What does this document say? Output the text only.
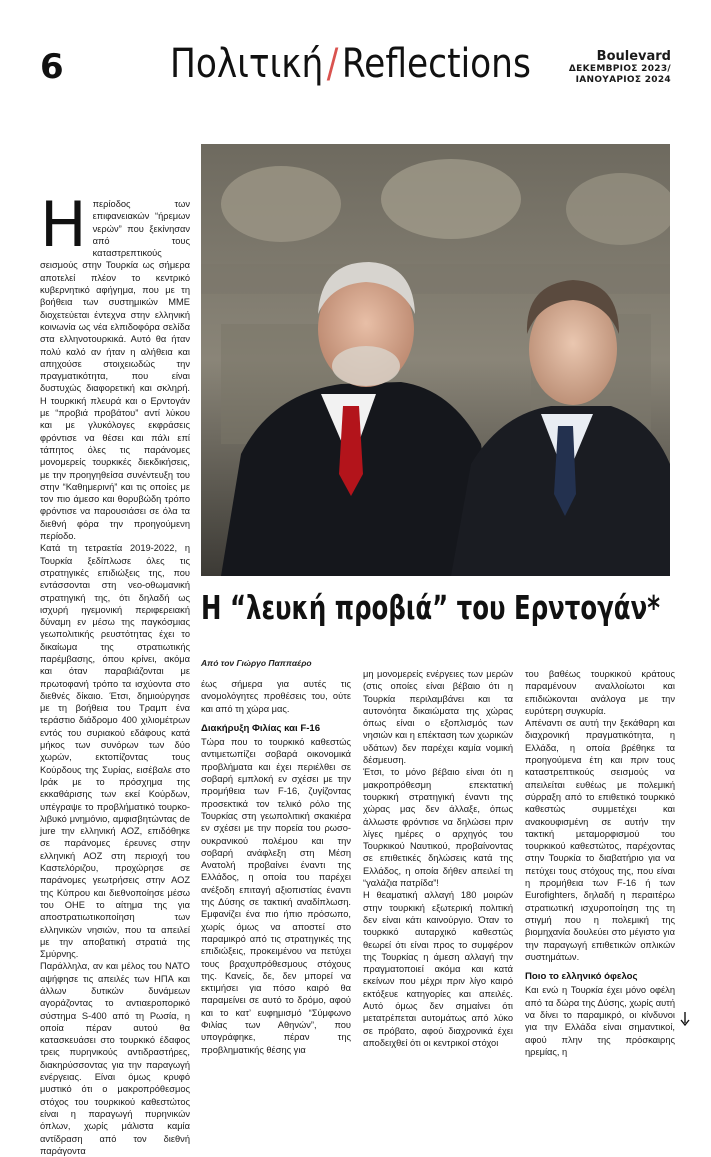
6	Πολιτική/Reflections	Boulevard
ΔΕΚΕΜΒΡΙΟΣ 2023/
ΙΑΝΟΥΑΡΙΟΣ 2024
Η “λευκή προβιά” του Ερντογάν*
Από τον Γιώργο Παππαέρο

Ηπερίοδος των επιφανειακών “ήρεμων νερών” που ξεκίνησαν από τους καταστρεπτικούς σεισμούς στην Τουρκία ως σήμερα αποτελεί πλέον το κεντρικό κυβερνητικό αφήγημα, που με τη βοήθεια των συστημικών ΜΜΕ διοχετεύεται έντεχνα στην ελληνική κοινωνία ως νέα ελπιδοφόρα σελίδα στα ελληνοτουρκικά. Αυτό θα ήταν πολύ καλό αν ήταν η αλήθεια και απηχούσε στοιχειωδώς την πραγματικότητα, που είναι δυστυχώς διαφορετική και σκληρή. Η τουρκική πλευρά και ο Ερντογάν με “προβιά προβάτου” αντί λύκου και με γλυκόλογες εκφράσεις φρόντισε να θέσει και πάλι επί τάπητος όλες τις παράνομες μονομερείς τουρκικές διεκδικήσεις, με την προηγηθείσα συνέντευξη του στην “Καθημερινή” και τις οποίες με τον πιο άμεσο και θορυβώδη τρόπο φρόντισε να παρουσιάσει σε όλα τα διεθνή φόρα την προηγούμενη περίοδο.

Κατά τη τετραετία 2019-2022, η Τουρκία ξεδίπλωσε όλες τις στρατηγικές επιδιώξεις της, που εντάσσονται στη νεο-οθωμανική στρατηγική της, ότι δηλαδή ως ισχυρή ηγεμονική περιφερειακή δύναμη εν μέσω της παγκόσμιας γεωπολιτικής ρευστότητας έχει το δικαίωμα της στρατιωτικής παρέμβασης, όπου κρίνει, ακόμα και όταν παραβιάζονται με πρωτοφανή τρόπο τα ισχύοντα στο διεθνές δίκαιο. Έτσι, δημιούργησε με τη βοήθεια του Τραμπ ένα τεράστιο διάδρομο 400 χιλιομέτρων εντός του συριακού εδάφους κατά μήκος των συνόρων των δύο χωρών, εκτοπίζοντας τους Κούρδους της Συρίας, εισέβαλε στο Ιράκ με το πρόσχημα της εκκαθάρισης των εκεί Κούρδων, υπέγραψε το προβλήματικό τουρκο-λιβυκό μνημόνιο, αμφισβητώντας de jure την ελληνική ΑΟΖ, επιδόθηκε σε παράνομες έρευνες στην ελληνική ΑΟΖ στη περιοχή του Καστελόριζου, προχώρησε σε παράνομες γεωτρήσεις στην ΑΟΖ της Κύπρου και διεθνοποίησε μέσω του ΟΗΕ το αίτημα της για αποστρατιωτικοποίηση των ελληνικών νησιών, που τα απειλεί με την αποβατική στρατιά της Σμύρνης.

Παράλληλα, αν και μέλος του ΝΑΤΟ αψήφησε τις απειλές των ΗΠΑ και άλλων δυτικών δυνάμεων αγοράζοντας το αντιαεροπορικό σύστημα S-400 από τη Ρωσία, η οποία πέραν αυτού θα κατασκευάσει στο τουρκικό έδαφος τρεις πυρηνικούς αντιδραστήρες, διακηρύσσοντας για την παραγωγή ενέργειας. Είναι όμως κρυφό μυστικό ότι ο μακροπρόθεσμος στόχος του τουρκικού καθεστώτος είναι η παραγωγή πυρηνικών όπλων, χωρίς μάλιστα καμία αντίδραση από τον διεθνή παράγοντα

έως σήμερα για αυτές τις ανομολόγητες προθέσεις του, ούτε και από τη χώρα μας.

Διακήρυξη Φιλίας και F-16

Τώρα που το τουρκικό καθεστώς αντιμετωπίζει σοβαρά οικονομικά προβλήματα και έχει περιέλθει σε σοβαρή εμπλοκή εν σχέσει με την προμήθεια των F-16, ζυγίζοντας προσεκτικά τον τελικό ρόλο της Τουρκίας στη γεωπολιτική σκακιέρα εν σχέσει με την πορεία του ρωσο-ουκρανικού πολέμου και την σοβαρή ανάφλεξη στη Μέση Ανατολή προβαίνει έναντι της Ελλάδος, η οποία του παρέχει ανέξοδη επιταγή αξιοπιστίας έναντι της Δύσης σε τακτική αναδίπλωση. Εμφανίζει ένα πιο ήπιο πρόσωπο, χωρίς όμως να αποστεί στο παραμικρό από τις στρατηγικές της επιδιώξεις, προκειμένου να πετύχει τους βραχυπρόθεσμους στόχους της. Κανείς, δε, δεν μπορεί να εκτιμήσει για πόσο καιρό θα παραμείνει σε αυτό το δρόμο, αφού και το κατ’ ευφημισμό “Σύμφωνο Φιλίας των Αθηνών”, που υπογράφηκε, πέραν της προβληματικής θέσης για

μη μονομερείς ενέργειες των μερών (στις οποίες είναι βέβαιο ότι η Τουρκία περιλαμβάνει και τα αυτονόητα δικαιώματα της χώρας όπως είναι ο εξοπλισμός των νησιών και η επέκταση των χωρικών υδάτων) δεν παρέχει καμία νομική δέσμευση.

Έτσι, το μόνο βέβαιο είναι ότι η μακροπρόθεσμη επεκτατική τουρκική στρατηγική έναντι της χώρας μας δεν άλλαξε, όπως άλλωστε φρόντισε να δηλώσει πριν λίγες ημέρες ο αρχηγός του Τουρκικού Ναυτικού, προβαίνοντας σε επιθετικές δηλώσεις κατά της Ελλάδος, η οποία δήθεν απειλεί τη “γαλάζια πατρίδα”!

Η θεαματική αλλαγή 180 μοιρών στην τουρκική εξωτερική πολιτική δεν είναι κάτι καινούργιο. Όταν το τουρκικό αυταρχικό καθεστώς θεωρεί ότι είναι προς το συμφέρον της Τουρκίας η άμεση αλλαγή την πραγματοποιεί ακόμα και κατά εκείνων που μέχρι πριν λίγο καιρό εκτόξευε κατηγορίες και απειλές. Αυτό όμως δεν σημαίνει ότι μετατρέπεται αυτομάτως από λύκο σε πρόβατο, αφού διαχρονικά έχει αποδειχθεί ότι οι κεντρικοί στόχοι

του βαθέως τουρκικού κράτους παραμένουν αναλλοίωτοι και επιδιώκονται ανάλογα με την ευρύτερη συγκυρία.

Απέναντι σε αυτή την ξεκάθαρη και διαχρονική πραγματικότητα, η Ελλάδα, η οποία βρέθηκε τα προηγούμενα έτη και πριν τους καταστρεπτικούς σεισμούς να απειλείται ευθέως με πολεμική σύρραξη από το επιθετικό τουρκικό καθεστώς συμμετέχει και ανακουφισμένη σε αυτήν την τακτική μεταμορφισμού του τουρκικού καθεστώτος, παρέχοντας στην Τουρκία το διαβατήριο για να πετύχει τους στόχους της, που είναι η προμήθεια των F-16 ή των Eurofighters, δηλαδή η περαιτέρω στρατιωτική ισχυροποίηση της τη στιγμή που η πολεμική της βιομηχανία δουλεύει στο μέγιστο για την παραγωγή επιθετικών οπλικών συστημάτων.

Ποιο το ελληνικό όφελος

Και ενώ η Τουρκία έχει μόνο οφέλη από τα δώρα της Δύσης, χωρίς αυτή να δίνει το παραμικρό, οι κίνδυνοι για την Ελλάδα είναι σημαντικοί, αφού πλην της πρόσκαιρης ηρεμίας, η
